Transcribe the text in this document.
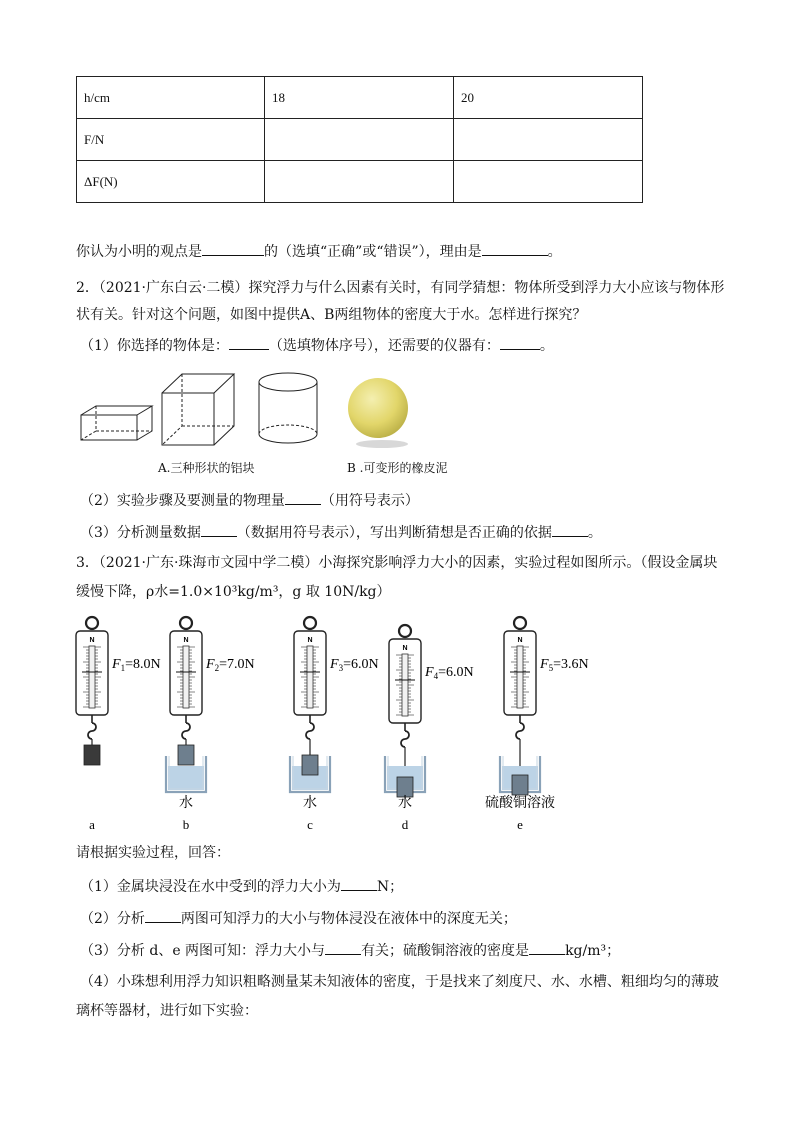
h/cm	18	20
F/N		
ΔF(N)		
你认为小明的观点是	的（选填“正确”或“错误”），理由是	。
2．（2021·广东白云·二模）探究浮力与什么因素有关时，有同学猜想：物体所受到浮力大小应该与物体形
状有关。针对这个问题，如图中提供A、B两组物体的密度大于水。怎样进行探究？
（1）你选择的物体是：	（选填物体序号），还需要的仪器有：	。
A.三种形状的铝块	B .可变形的橡皮泥
（2）实验步骤及要测量的物理量	（用符号表示）
（3）分析测量数据	（数据用符号表示），写出判断猜想是否正确的依据	。
3．（2021·广东·珠海市文园中学二模）小海探究影响浮力大小的因素，实验过程如图所示。（假设金属块
缓慢下降，ρ水=1.0×10³kg/m³，g 取 10N/kg）
N
$F_1=8.0N$
a
N
$F_2=7.0N$
水
b
N
$F_3=6.0N$
水
c
N
$F_4=6.0N$
水
d
N
$F_5=3.6N$
硫酸铜溶液
e
请根据实验过程，回答：
（1）金属块浸没在水中受到的浮力大小为	N；
（2）分析	两图可知浮力的大小与物体浸没在液体中的深度无关；
（3）分析 d、e 两图可知：浮力大小与	有关；硫酸铜溶液的密度是	kg/m³；
（4）小珠想利用浮力知识粗略测量某未知液体的密度，于是找来了刻度尺、水、水槽、粗细均匀的薄玻
璃杯等器材，进行如下实验：
